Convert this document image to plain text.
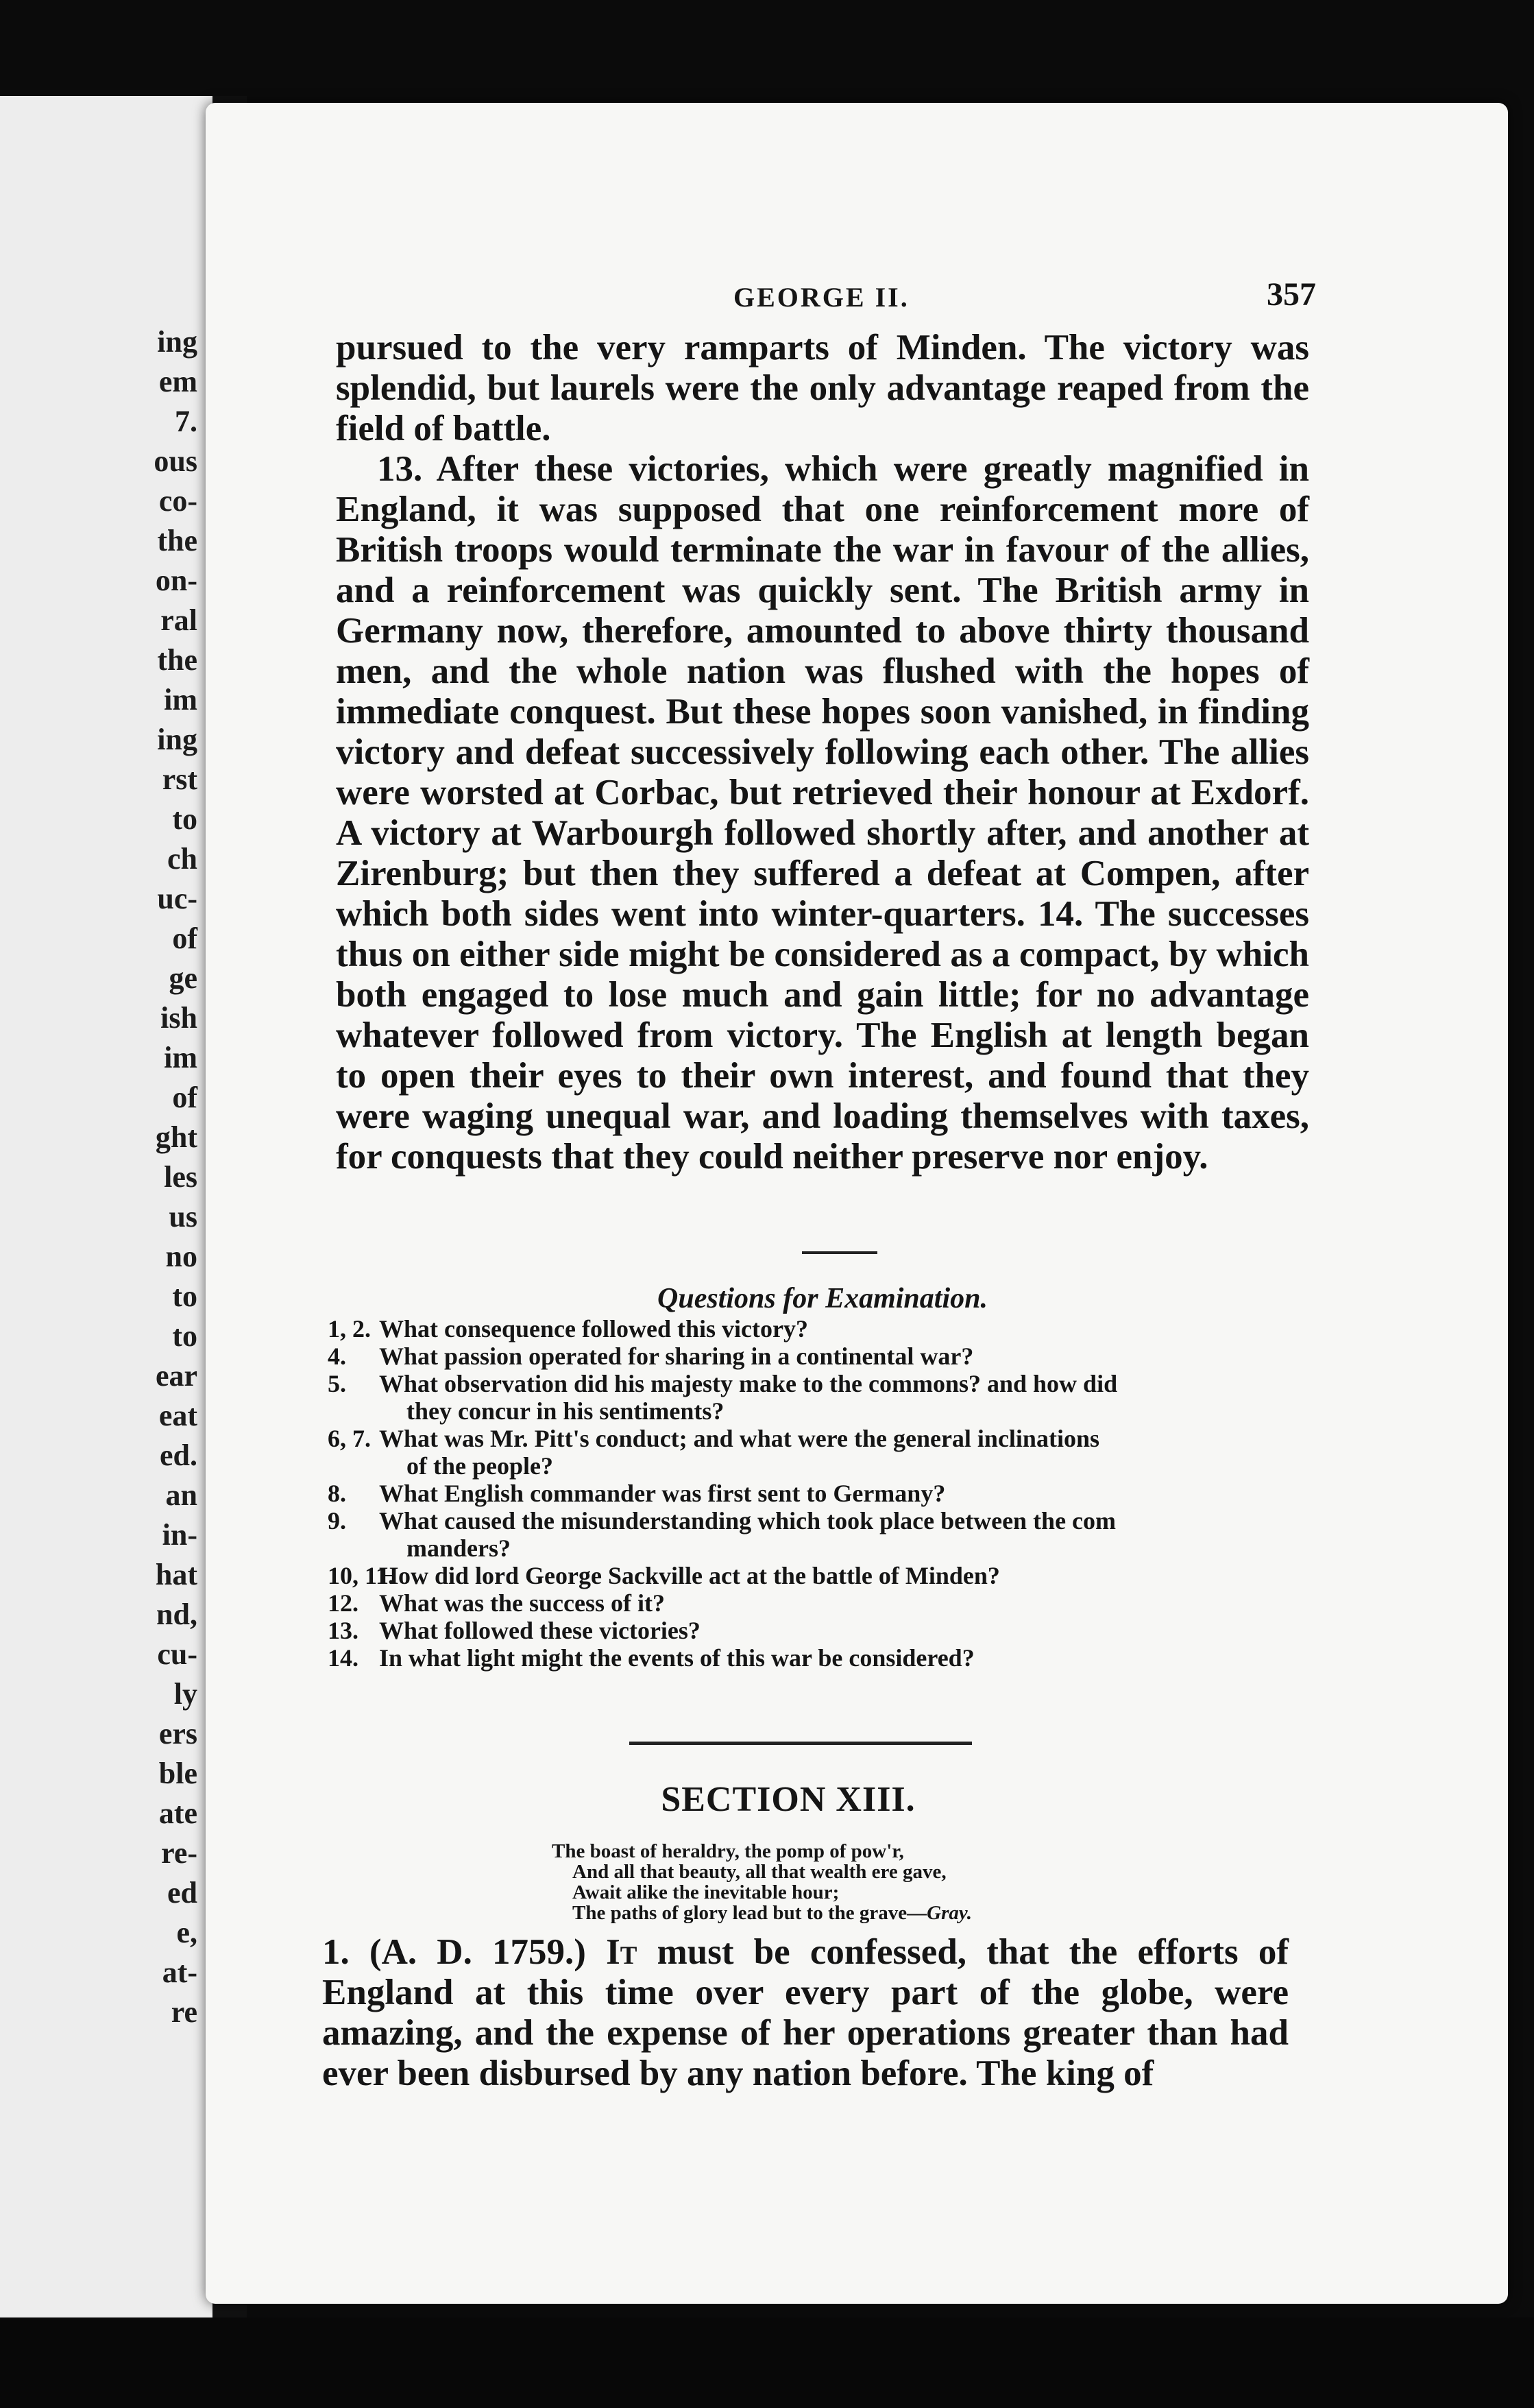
ing
em
7.
ous
co-
the
on-
ral
the
im
ing
rst
to
ch
uc-
of
ge
ish
im
of
ght
les
us
no
to
to
ear
eat
ed.
an
in-
hat
nd,
cu-
ly
ers
ble
ate
re-
ed
e,
at-
re
GEORGE II.	357

pursued to the very ramparts of Minden. The victory was splendid, but laurels were the only advantage reaped from the field of battle.

13. After these victories, which were greatly magnified in England, it was supposed that one reinforcement more of British troops would terminate the war in favour of the allies, and a reinforcement was quickly sent. The British army in Germany now, therefore, amounted to above thirty thousand men, and the whole nation was flushed with the hopes of immediate conquest. But these hopes soon vanished, in finding victory and defeat successively following each other. The allies were worsted at Corbac, but retrieved their honour at Exdorf. A victory at Warbourgh followed shortly after, and another at Zirenburg; but then they suffered a defeat at Compen, after which both sides went into winter-quarters. 14. The successes thus on either side might be considered as a compact, by which both engaged to lose much and gain little; for no advantage whatever followed from victory. The English at length began to open their eyes to their own interest, and found that they were waging unequal war, and loading themselves with taxes, for conquests that they could neither preserve nor enjoy.

Questions for Examination.
1, 2. What consequence followed this victory?
4. What passion operated for sharing in a continental war?
5. What observation did his majesty make to the commons? and how did
they concur in his sentiments?
6, 7. What was Mr. Pitt's conduct; and what were the general inclinations
of the people?
8. What English commander was first sent to Germany?
9. What caused the misunderstanding which took place between the com
manders?
10, 11.
How did lord George Sackville act at the battle of Minden?
12. What was the success of it?
13. What followed these victories?
14. In what light might the events of this war be considered?
SECTION XIII.
The boast of heraldry, the pomp of pow'r,
And all that beauty, all that wealth ere gave,
Await alike the inevitable hour;
The paths of glory lead but to the grave—Gray.
1. (A. D. 1759.) It must be confessed, that the efforts of England at this time over every part of the globe, were amazing, and the expense of her operations greater than had ever been disbursed by any nation before. The king of
